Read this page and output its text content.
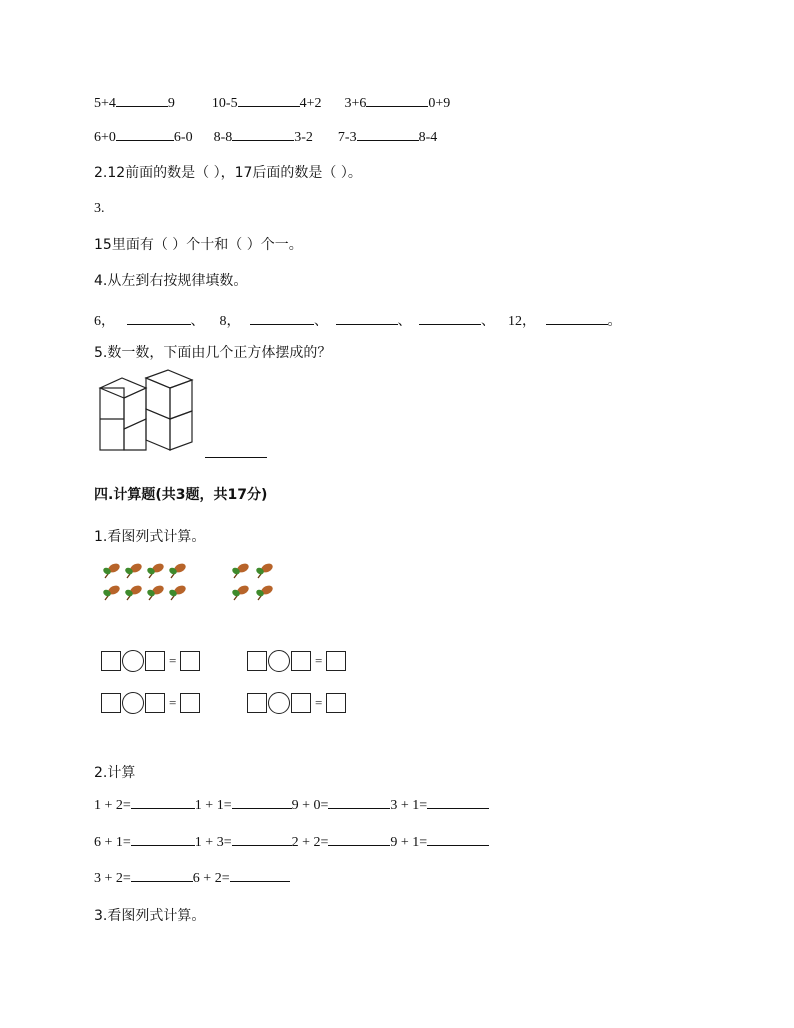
5+4	9	10-5	4+2 3+6	0+9
6+0	6-0 8-8	3-2 7-3	8-4
2.12前面的数是（ ），17后面的数是（ ）。
3.
15里面有（ ）个十和（ ）个一。
4.从左到右按规律填数。
6，	、 8，	、	、	、 12，	。
5.数一数，下面由几个正方体摆成的？
四.计算题(共3题，共17分)
1.看图列式计算。
=	=
=	=
2.计算
1 + 2=	1 + 1=	9 + 0=	3 + 1=
6 + 1=	1 + 3=	2 + 2=	9 + 1=
3 + 2=	6 + 2=
3.看图列式计算。
